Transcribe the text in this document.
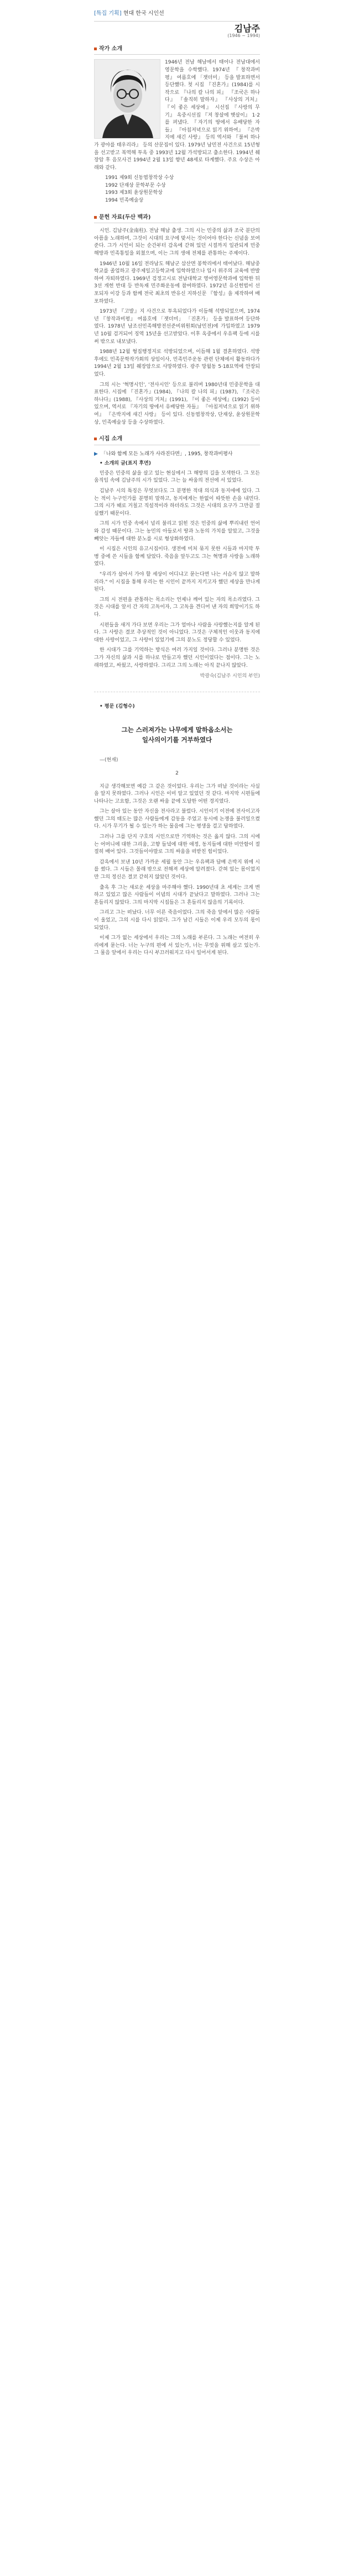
[특집 기획] 현대 한국 시인선
김남주
(1946 ~ 1994)
작가 소개

1946년 전남 해남에서 태어나 전남대에서 영문학을 수학했다. 1974년 『창작과비평』 여름호에 「잿더미」 등을 발표하면서 등단했다. 첫 시집 『진혼가』(1984)를 시작으로 『나의 칼 나의 피』 『조국은 하나다』 『솔직히 말하자』 『사상의 거처』 『이 좋은 세상에』 시선집 『사랑의 무기』 옥중시선집 『저 창살에 햇살이』 1·2를 펴냈다. 『자기의 땅에서 유배당한 자들』 『아침저녁으로 읽기 위하여』 『은박지에 새긴 사랑』 등의 역서와 『불씨 하나가 광야를 태우리라』 등의 산문집이 있다. 1979년 남민전 사건으로 15년형을 선고받고 복역해 투옥 중 1993년 12월 가석방되고 출소한다. 1994년 췌장암 후 음모사건 1994년 2월 13일 향년 48세로 타계했다. 주요 수상은 아래와 같다.

1991 제9회 신동엽창작상 수상
1992 단재상 문학부문 수상
1993 제3회 윤상원문학상
1994 민족예술상
문헌 자료(두산 백과)

시인. 김남주(金南柱). 전남 해남 출생. 그의 시는 민중의 삶과 조국 분단의 아픔을 노래하며, 그것이 시대의 요구에 맞서는 것이어야 한다는 신념을 보여준다. 그가 시인이 되는 순간부터 감옥에 갇혀 있던 시절까지 일관되게 민중해방과 민족통일을 외쳤으며, 이는 그의 생애 전체를 관통하는 주제이다.

1946년 10월 16일 전라남도 해남군 삼산면 봉학리에서 태어났다. 해남중학교를 졸업하고 광주제일고등학교에 입학하였으나 입시 위주의 교육에 반발하여 자퇴하였다. 1969년 검정고시로 전남대학교 영어영문학과에 입학한 뒤 3선 개헌 반대 등 반독재 민주화운동에 참여하였다. 1972년 유신헌법이 선포되자 이강 등과 함께 전국 최초의 반유신 지하신문 『함성』을 제작하여 배포하였다.

1973년 『고발』지 사건으로 투옥되었다가 이듬해 석방되었으며, 1974년 『창작과비평』 여름호에 「잿더미」 「진혼가」 등을 발표하여 등단하였다. 1978년 남조선민족해방전선준비위원회(남민전)에 가입하였고 1979년 10월 검거되어 징역 15년을 선고받았다. 이후 옥중에서 우유팩 등에 시를 써 밖으로 내보냈다.

1988년 12월 형집행정지로 석방되었으며, 이듬해 1월 결혼하였다. 석방 후에도 민족문학작가회의 상임이사, 민족민주운동 관련 단체에서 활동하다가 1994년 2월 13일 췌장암으로 사망하였다. 광주 망월동 5·18묘역에 안장되었다.

그의 시는 '혁명시인', '전사시인' 등으로 불리며 1980년대 민중문학을 대표한다. 시집에 『진혼가』(1984), 『나의 칼 나의 피』(1987), 『조국은 하나다』(1988), 『사상의 거처』(1991), 『이 좋은 세상에』(1992) 등이 있으며, 역서로 『자기의 땅에서 유배당한 자들』 『아침저녁으로 읽기 위하여』 『은박지에 새긴 사랑』 등이 있다. 신동엽창작상, 단재상, 윤상원문학상, 민족예술상 등을 수상하였다.

시집 소개
▶ 「나와 함께 모든 노래가 사라진다면」, 1995, 창작과비평사
• 소개의 글(표지 후면)

민중은 민중의 삶을 살고 있는 현실에서 그 해방의 길을 모색한다. 그 모든 움직임 속에 김남주의 시가 있었다. 그는 늘 싸움의 전선에 서 있었다.

김남주 시의 특징은 무엇보다도 그 분명한 적대 의식과 동지애에 있다. 그는 적이 누구인가를 분명히 말하고, 동지에게는 한없이 따뜻한 손을 내민다. 그의 시가 때로 거칠고 직설적이라 하더라도 그것은 시대의 요구가 그만큼 절실했기 때문이다.

그의 시가 민중 속에서 널리 불리고 읽힌 것은 민중의 삶에 뿌리내린 언어와 감성 때문이다. 그는 농민의 아들로서 땅과 노동의 가치를 알았고, 그것을 빼앗는 자들에 대한 분노를 시로 형상화하였다.

이 시집은 시인의 유고시집이다. 생전에 미처 묶지 못한 시들과 마지막 투병 중에 쓴 시들을 함께 담았다. 죽음을 앞두고도 그는 혁명과 사랑을 노래하였다.

"우리가 살아서 가야 할 세상이 어디냐고 묻는다면 나는 서슴지 않고 말하리라." 이 시집을 통해 우리는 한 시인이 끝까지 지키고자 했던 세상을 만나게 된다.

그의 시 전편을 관통하는 목소리는 언제나 깨어 있는 자의 목소리였다. 그것은 시대를 앞서 간 자의 고독이자, 그 고독을 견디어 낸 자의 희망이기도 하다.

시편들을 새겨 가다 보면 우리는 그가 얼마나 사람을 사랑했는지를 알게 된다. 그 사랑은 결코 추상적인 것이 아니었다. 그것은 구체적인 이웃과 동지에 대한 사랑이었고, 그 사랑이 있었기에 그의 분노도 정당할 수 있었다.

한 시대가 그를 기억하는 방식은 여러 가지일 것이다. 그러나 분명한 것은 그가 자신의 삶과 시를 하나로 만들고자 했던 시인이었다는 점이다. 그는 노래하였고, 싸웠고, 사랑하였다. 그리고 그의 노래는 아직 끝나지 않았다.

박광숙(김남주 시인의 부인)
• 평문 (김형수)
그는 스러져가는 나무에게 말하옵소서는
일사의이기를 거부하였다
—(현재)
2

지금 생각해보면 예감 그 같은 것이었다. 우리는 그가 떠날 것이라는 사실을 알지 못하였다. 그러나 시인은 이미 알고 있었던 것 같다. 마지막 시편들에 나타나는 고요함, 그것은 오랜 싸움 끝에 도달한 어떤 경지였다.

그는 살아 있는 동안 자신을 전사라고 불렀다. 시인이기 이전에 전사이고자 했던 그의 태도는 많은 사람들에게 감동을 주었고 동시에 논쟁을 불러일으켰다. 시가 무기가 될 수 있는가 하는 물음에 그는 평생을 걸고 답하였다.

그러나 그를 단지 구호의 시인으로만 기억하는 것은 옳지 않다. 그의 시에는 어머니에 대한 그리움, 고향 들녘에 대한 애정, 동지들에 대한 미안함이 절절히 배어 있다. 그것들이야말로 그의 싸움을 떠받친 힘이었다.

감옥에서 보낸 10년 가까운 세월 동안 그는 우유팩과 담배 은박지 위에 시를 썼다. 그 시들은 몰래 밖으로 전해져 세상에 알려졌다. 갇혀 있는 몸이었지만 그의 정신은 결코 갇히지 않았던 것이다.

출옥 후 그는 새로운 세상을 마주해야 했다. 1990년대 초 세계는 크게 변하고 있었고 많은 사람들이 이념의 시대가 끝났다고 말하였다. 그러나 그는 흔들리지 않았다. 그의 마지막 시집들은 그 흔들리지 않음의 기록이다.

그리고 그는 떠났다. 너무 이른 죽음이었다. 그의 죽음 앞에서 많은 사람들이 울었고, 그의 시를 다시 읽었다. 그가 남긴 시들은 이제 우리 모두의 몫이 되었다.

이제 그가 없는 세상에서 우리는 그의 노래를 부른다. 그 노래는 여전히 우리에게 묻는다. 너는 누구의 편에 서 있는가, 너는 무엇을 위해 살고 있는가. 그 물음 앞에서 우리는 다시 부끄러워지고 다시 일어서게 된다.
